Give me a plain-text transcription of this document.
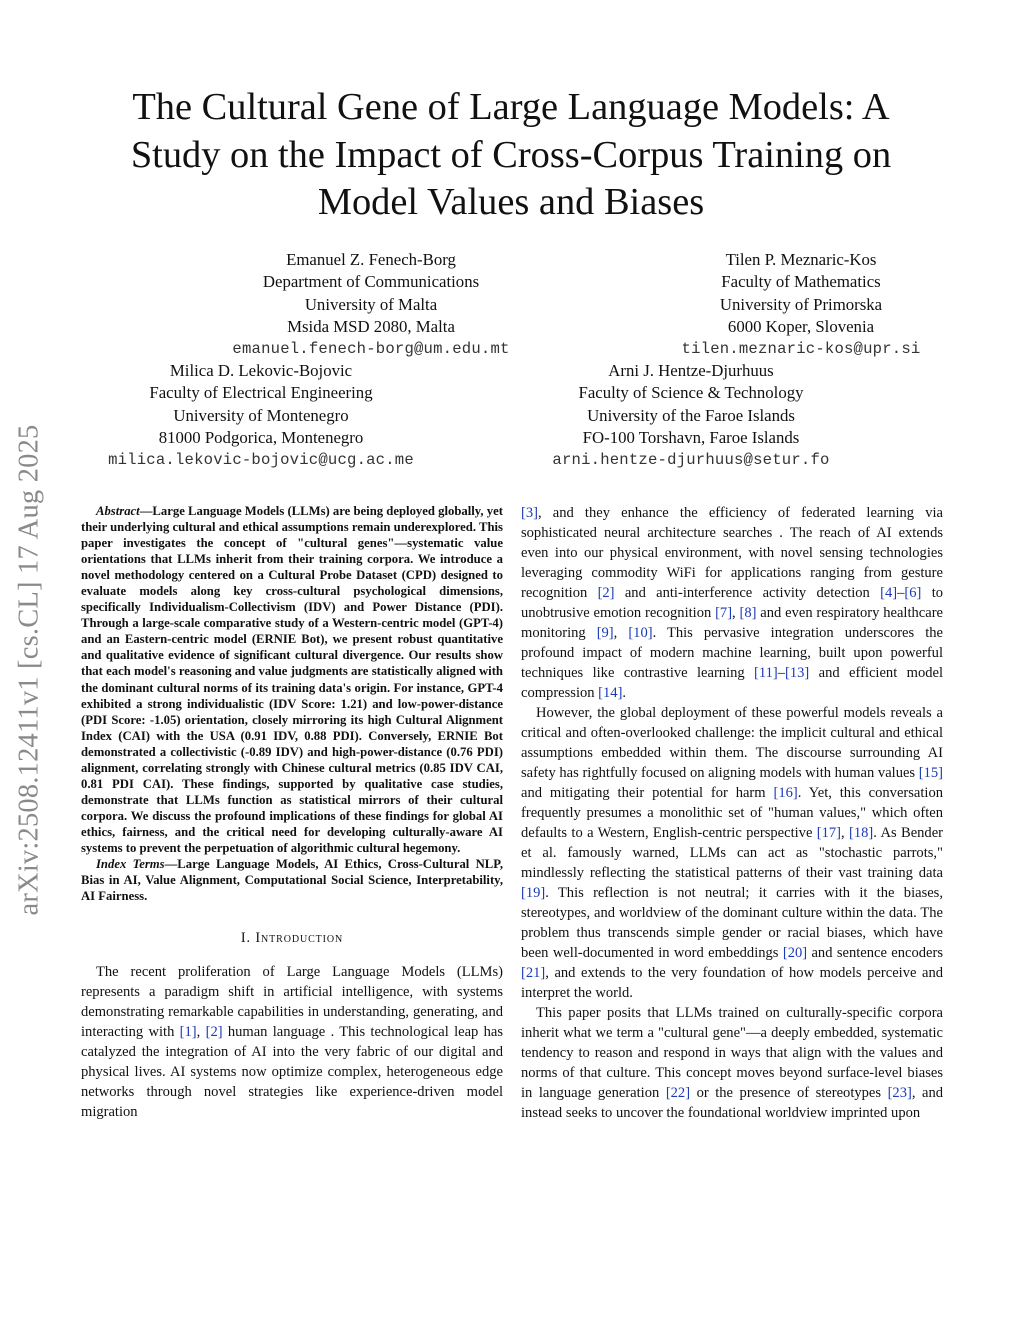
arXiv:2508.12411v1 [cs.CL] 17 Aug 2025
The Cultural Gene of Large Language Models: A Study on the Impact of Cross-Corpus Training on Model Values and Biases
Emanuel Z. Fenech-Borg
Department of Communications
University of Malta
Msida MSD 2080, Malta
emanuel.fenech-borg@um.edu.mt
Tilen P. Meznaric-Kos
Faculty of Mathematics
University of Primorska
6000 Koper, Slovenia
tilen.meznaric-kos@upr.si
Milica D. Lekovic-Bojovic
Faculty of Electrical Engineering
University of Montenegro
81000 Podgorica, Montenegro
milica.lekovic-bojovic@ucg.ac.me
Arni J. Hentze-Djurhuus
Faculty of Science & Technology
University of the Faroe Islands
FO-100 Torshavn, Faroe Islands
arni.hentze-djurhuus@setur.fo

Abstract—Large Language Models (LLMs) are being deployed globally, yet their underlying cultural and ethical assumptions remain underexplored. This paper investigates the concept of "cultural genes"—systematic value orientations that LLMs inherit from their training corpora. We introduce a novel methodology centered on a Cultural Probe Dataset (CPD) designed to evaluate models along key cross-cultural psychological dimensions, specifically Individualism-Collectivism (IDV) and Power Distance (PDI). Through a large-scale comparative study of a Western-centric model (GPT-4) and an Eastern-centric model (ERNIE Bot), we present robust quantitative and qualitative evidence of significant cultural divergence. Our results show that each model's reasoning and value judgments are statistically aligned with the dominant cultural norms of its training data's origin. For instance, GPT-4 exhibited a strong individualistic (IDV Score: 1.21) and low-power-distance (PDI Score: -1.05) orientation, closely mirroring its high Cultural Alignment Index (CAI) with the USA (0.91 IDV, 0.88 PDI). Conversely, ERNIE Bot demonstrated a collectivistic (-0.89 IDV) and high-power-distance (0.76 PDI) alignment, correlating strongly with Chinese cultural metrics (0.85 IDV CAI, 0.81 PDI CAI). These findings, supported by qualitative case studies, demonstrate that LLMs function as statistical mirrors of their cultural corpora. We discuss the profound implications of these findings for global AI ethics, fairness, and the critical need for developing culturally-aware AI systems to prevent the perpetuation of algorithmic cultural hegemony.

Index Terms—Large Language Models, AI Ethics, Cross-Cultural NLP, Bias in AI, Value Alignment, Computational Social Science, Interpretability, AI Fairness.

I. Introduction

The recent proliferation of Large Language Models (LLMs) represents a paradigm shift in artificial intelligence, with systems demonstrating remarkable capabilities in understanding, generating, and interacting with [1], [2] human language . This technological leap has catalyzed the integration of AI into the very fabric of our digital and physical lives. AI systems now optimize complex, heterogeneous edge networks through novel strategies like experience-driven model migration

[3], and they enhance the efficiency of federated learning via sophisticated neural architecture searches . The reach of AI extends even into our physical environment, with novel sensing technologies leveraging commodity WiFi for applications ranging from gesture recognition [2] and anti-interference activity detection [4]–[6] to unobtrusive emotion recognition [7], [8] and even respiratory healthcare monitoring [9], [10]. This pervasive integration underscores the profound impact of modern machine learning, built upon powerful techniques like contrastive learning [11]–[13] and efficient model compression [14].

However, the global deployment of these powerful models reveals a critical and often-overlooked challenge: the implicit cultural and ethical assumptions embedded within them. The discourse surrounding AI safety has rightfully focused on aligning models with human values [15] and mitigating their potential for harm [16]. Yet, this conversation frequently presumes a monolithic set of "human values," which often defaults to a Western, English-centric perspective [17], [18]. As Bender et al. famously warned, LLMs can act as "stochastic parrots," mindlessly reflecting the statistical patterns of their vast training data [19]. This reflection is not neutral; it carries with it the biases, stereotypes, and worldview of the dominant culture within the data. The problem thus transcends simple gender or racial biases, which have been well-documented in word embeddings [20] and sentence encoders [21], and extends to the very foundation of how models perceive and interpret the world.

This paper posits that LLMs trained on culturally-specific corpora inherit what we term a "cultural gene"—a deeply embedded, systematic tendency to reason and respond in ways that align with the values and norms of that culture. This concept moves beyond surface-level biases in language generation [22] or the presence of stereotypes [23], and instead seeks to uncover the foundational worldview imprinted upon
